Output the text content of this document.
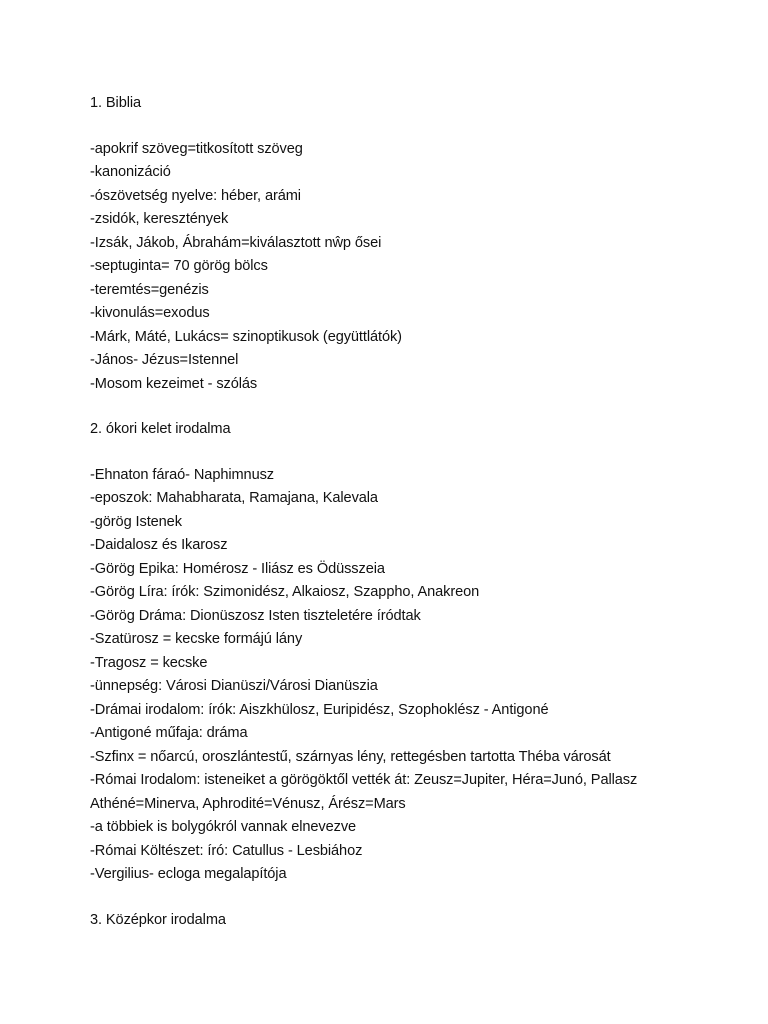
1. Biblia
-apokrif szöveg=titkosított szöveg
-kanonizáció
-ószövetség nyelve: héber, arámi
-zsidók, keresztények
-Izsák, Jákob, Ábrahám=kiválasztott nŵp ősei
-septuginta= 70 görög bölcs
-teremtés=genézis
-kivonulás=exodus
-Márk, Máté, Lukács= szinoptikusok (együttlátók)
-János- Jézus=Istennel
-Mosom kezeimet - szólás
2. ókori kelet irodalma
-Ehnaton fáraó- Naphimnusz
-eposzok: Mahabharata, Ramajana, Kalevala
-görög Istenek
-Daidalosz és Ikarosz
-Görög Epika: Homérosz - Iliász es Ödüsszeia
-Görög Líra: írók: Szimonidész, Alkaiosz, Szappho, Anakreon
-Görög Dráma: Dionüszosz Isten tiszteletére íródtak
-Szatürosz = kecske formájú lány
-Tragosz = kecske
-ünnepség: Városi Dianüszi/Városi Dianüszia
-Drámai irodalom: írók: Aiszkhülosz, Euripidész, Szophoklész - Antigoné
-Antigoné műfaja: dráma
-Szfinx = nőarcú, oroszlántestű, szárnyas lény, rettegésben tartotta Théba városát
-Római Irodalom: isteneiket a görögöktől vették át: Zeusz=Jupiter, Héra=Junó, Pallasz Athéné=Minerva, Aphrodité=Vénusz, Árész=Mars
-a többiek is bolygókról vannak elnevezve
-Római Költészet: író: Catullus - Lesbiához
-Vergilius- ecloga megalapítója
3. Középkor irodalma
